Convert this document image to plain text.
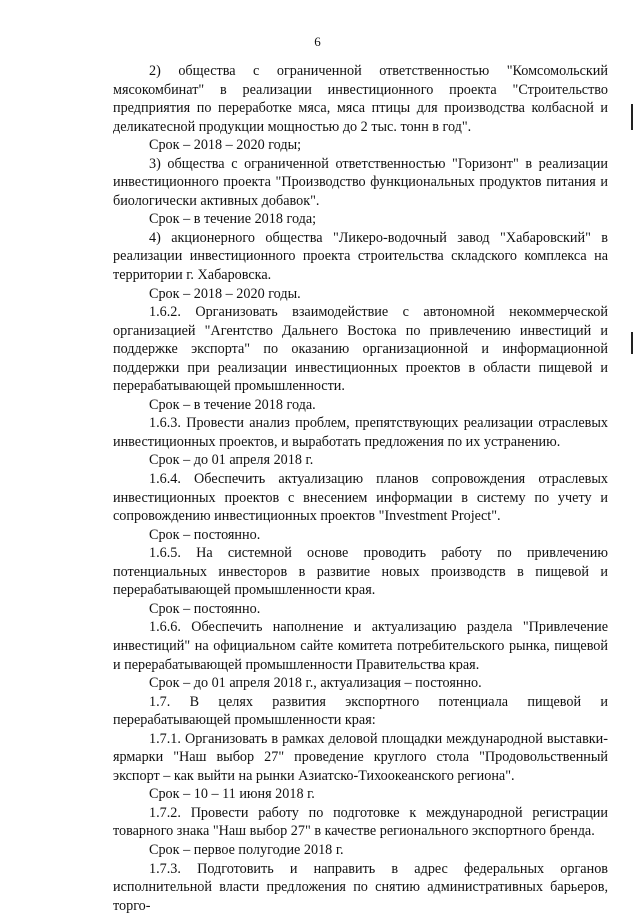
6

2) общества с ограниченной ответственностью "Комсомольский мясокомбинат" в реализации инвестиционного проекта "Строительство предприятия по переработке мяса, мяса птицы для производства колбасной и деликатесной продукции мощностью до 2 тыс. тонн в год".

Срок – 2018 – 2020 годы;

3) общества с ограниченной ответственностью "Горизонт" в реализации инвестиционного проекта "Производство функциональных продуктов питания и биологически активных добавок".

Срок – в течение 2018 года;

4) акционерного общества "Ликеро-водочный завод "Хабаровский" в реализации инвестиционного проекта строительства складского комплекса на территории г. Хабаровска.

Срок – 2018 – 2020 годы.

1.6.2. Организовать взаимодействие с автономной некоммерческой организацией "Агентство Дальнего Востока по привлечению инвестиций и поддержке экспорта" по оказанию организационной и информационной поддержки при реализации инвестиционных проектов в области пищевой и перерабатывающей промышленности.

Срок – в течение 2018 года.

1.6.3. Провести анализ проблем, препятствующих реализации отраслевых инвестиционных проектов, и выработать предложения по их устранению.

Срок – до 01 апреля 2018 г.

1.6.4. Обеспечить актуализацию планов сопровождения отраслевых инвестиционных проектов с внесением информации в систему по учету и сопровождению инвестиционных проектов "Investment Project".

Срок – постоянно.

1.6.5. На системной основе проводить работу по привлечению потенциальных инвесторов в развитие новых производств в пищевой и перерабатывающей промышленности края.

Срок – постоянно.

1.6.6. Обеспечить наполнение и актуализацию раздела "Привлечение инвестиций" на официальном сайте комитета потребительского рынка, пищевой и перерабатывающей промышленности Правительства края.

Срок – до 01 апреля 2018 г., актуализация – постоянно.

1.7. В целях развития экспортного потенциала пищевой и перерабатывающей промышленности края:

1.7.1. Организовать в рамках деловой площадки международной выставки-ярмарки "Наш выбор 27" проведение круглого стола "Продовольственный экспорт – как выйти на рынки Азиатско-Тихоокеанского региона".

Срок – 10 – 11 июня 2018 г.

1.7.2. Провести работу по подготовке к международной регистрации товарного знака "Наш выбор 27" в качестве регионального экспортного бренда.

Срок – первое полугодие 2018 г.

1.7.3. Подготовить и направить в адрес федеральных органов исполнительной власти предложения по снятию административных барьеров, торго-
